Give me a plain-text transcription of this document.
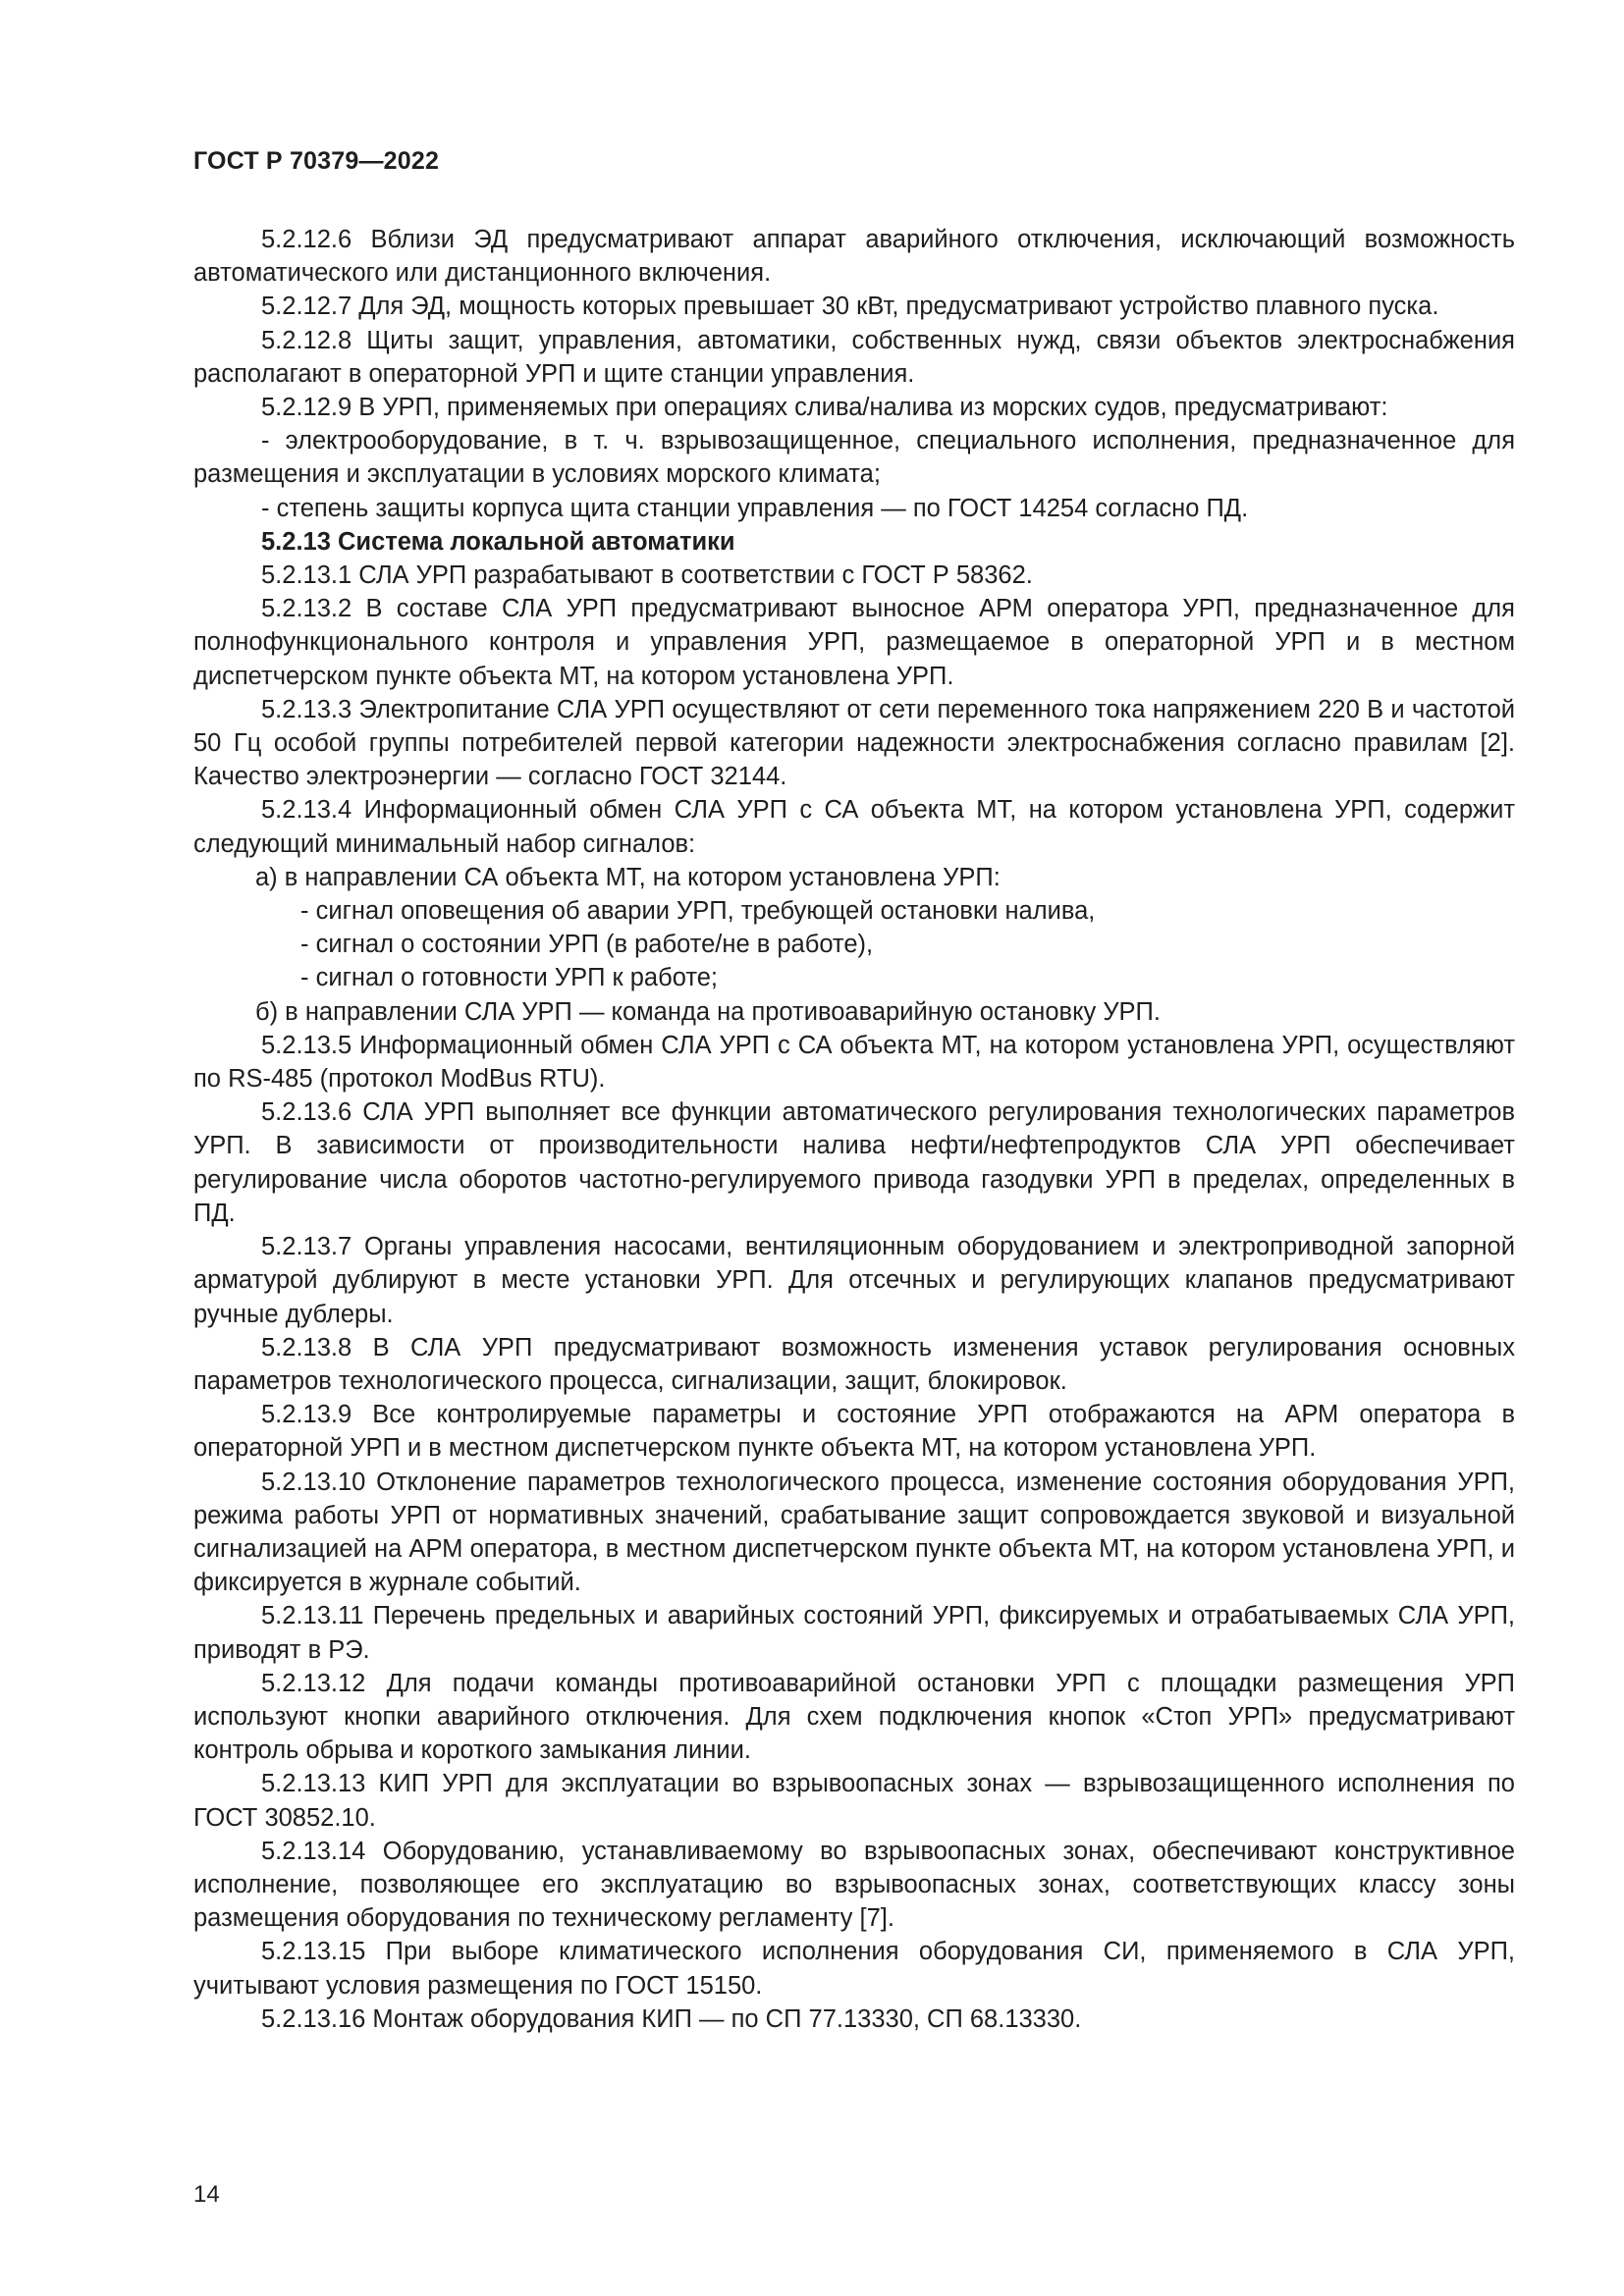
ГОСТ Р 70379—2022

5.2.12.6 Вблизи ЭД предусматривают аппарат аварийного отключения, исключающий возможность автоматического или дистанционного включения.

5.2.12.7 Для ЭД, мощность которых превышает 30 кВт, предусматривают устройство плавного пуска.

5.2.12.8 Щиты защит, управления, автоматики, собственных нужд, связи объектов электроснабжения располагают в операторной УРП и щите станции управления.

5.2.12.9 В УРП, применяемых при операциях слива/налива из морских судов, предусматривают:

- электрооборудование, в т. ч. взрывозащищенное, специального исполнения, предназначенное для размещения и эксплуатации в условиях морского климата;

- степень защиты корпуса щита станции управления — по ГОСТ 14254 согласно ПД.

5.2.13 Система локальной автоматики

5.2.13.1 СЛА УРП разрабатывают в соответствии с ГОСТ Р 58362.

5.2.13.2 В составе СЛА УРП предусматривают выносное АРМ оператора УРП, предназначенное для полнофункционального контроля и управления УРП, размещаемое в операторной УРП и в местном диспетчерском пункте объекта МТ, на котором установлена УРП.

5.2.13.3 Электропитание СЛА УРП осуществляют от сети переменного тока напряжением 220 В и частотой 50 Гц особой группы потребителей первой категории надежности электроснабжения согласно правилам [2]. Качество электроэнергии — согласно ГОСТ 32144.

5.2.13.4 Информационный обмен СЛА УРП с СА объекта МТ, на котором установлена УРП, содержит следующий минимальный набор сигналов:

а) в направлении СА объекта МТ, на котором установлена УРП:

- сигнал оповещения об аварии УРП, требующей остановки налива,

- сигнал о состоянии УРП (в работе/не в работе),

- сигнал о готовности УРП к работе;

б) в направлении СЛА УРП — команда на противоаварийную остановку УРП.

5.2.13.5 Информационный обмен СЛА УРП с СА объекта МТ, на котором установлена УРП, осуществляют по RS-485 (протокол ModBus RTU).

5.2.13.6 СЛА УРП выполняет все функции автоматического регулирования технологических параметров УРП. В зависимости от производительности налива нефти/нефтепродуктов СЛА УРП обеспечивает регулирование числа оборотов частотно-регулируемого привода газодувки УРП в пределах, определенных в ПД.

5.2.13.7 Органы управления насосами, вентиляционным оборудованием и электроприводной запорной арматурой дублируют в месте установки УРП. Для отсечных и регулирующих клапанов предусматривают ручные дублеры.

5.2.13.8 В СЛА УРП предусматривают возможность изменения уставок регулирования основных параметров технологического процесса, сигнализации, защит, блокировок.

5.2.13.9 Все контролируемые параметры и состояние УРП отображаются на АРМ оператора в операторной УРП и в местном диспетчерском пункте объекта МТ, на котором установлена УРП.

5.2.13.10 Отклонение параметров технологического процесса, изменение состояния оборудования УРП, режима работы УРП от нормативных значений, срабатывание защит сопровождается звуковой и визуальной сигнализацией на АРМ оператора, в местном диспетчерском пункте объекта МТ, на котором установлена УРП, и фиксируется в журнале событий.

5.2.13.11 Перечень предельных и аварийных состояний УРП, фиксируемых и отрабатываемых СЛА УРП, приводят в РЭ.

5.2.13.12 Для подачи команды противоаварийной остановки УРП с площадки размещения УРП используют кнопки аварийного отключения. Для схем подключения кнопок «Стоп УРП» предусматривают контроль обрыва и короткого замыкания линии.

5.2.13.13 КИП УРП для эксплуатации во взрывоопасных зонах — взрывозащищенного исполнения по ГОСТ 30852.10.

5.2.13.14 Оборудованию, устанавливаемому во взрывоопасных зонах, обеспечивают конструктивное исполнение, позволяющее его эксплуатацию во взрывоопасных зонах, соответствующих классу зоны размещения оборудования по техническому регламенту [7].

5.2.13.15 При выборе климатического исполнения оборудования СИ, применяемого в СЛА УРП, учитывают условия размещения по ГОСТ 15150.

5.2.13.16 Монтаж оборудования КИП — по СП 77.13330, СП 68.13330.

14
